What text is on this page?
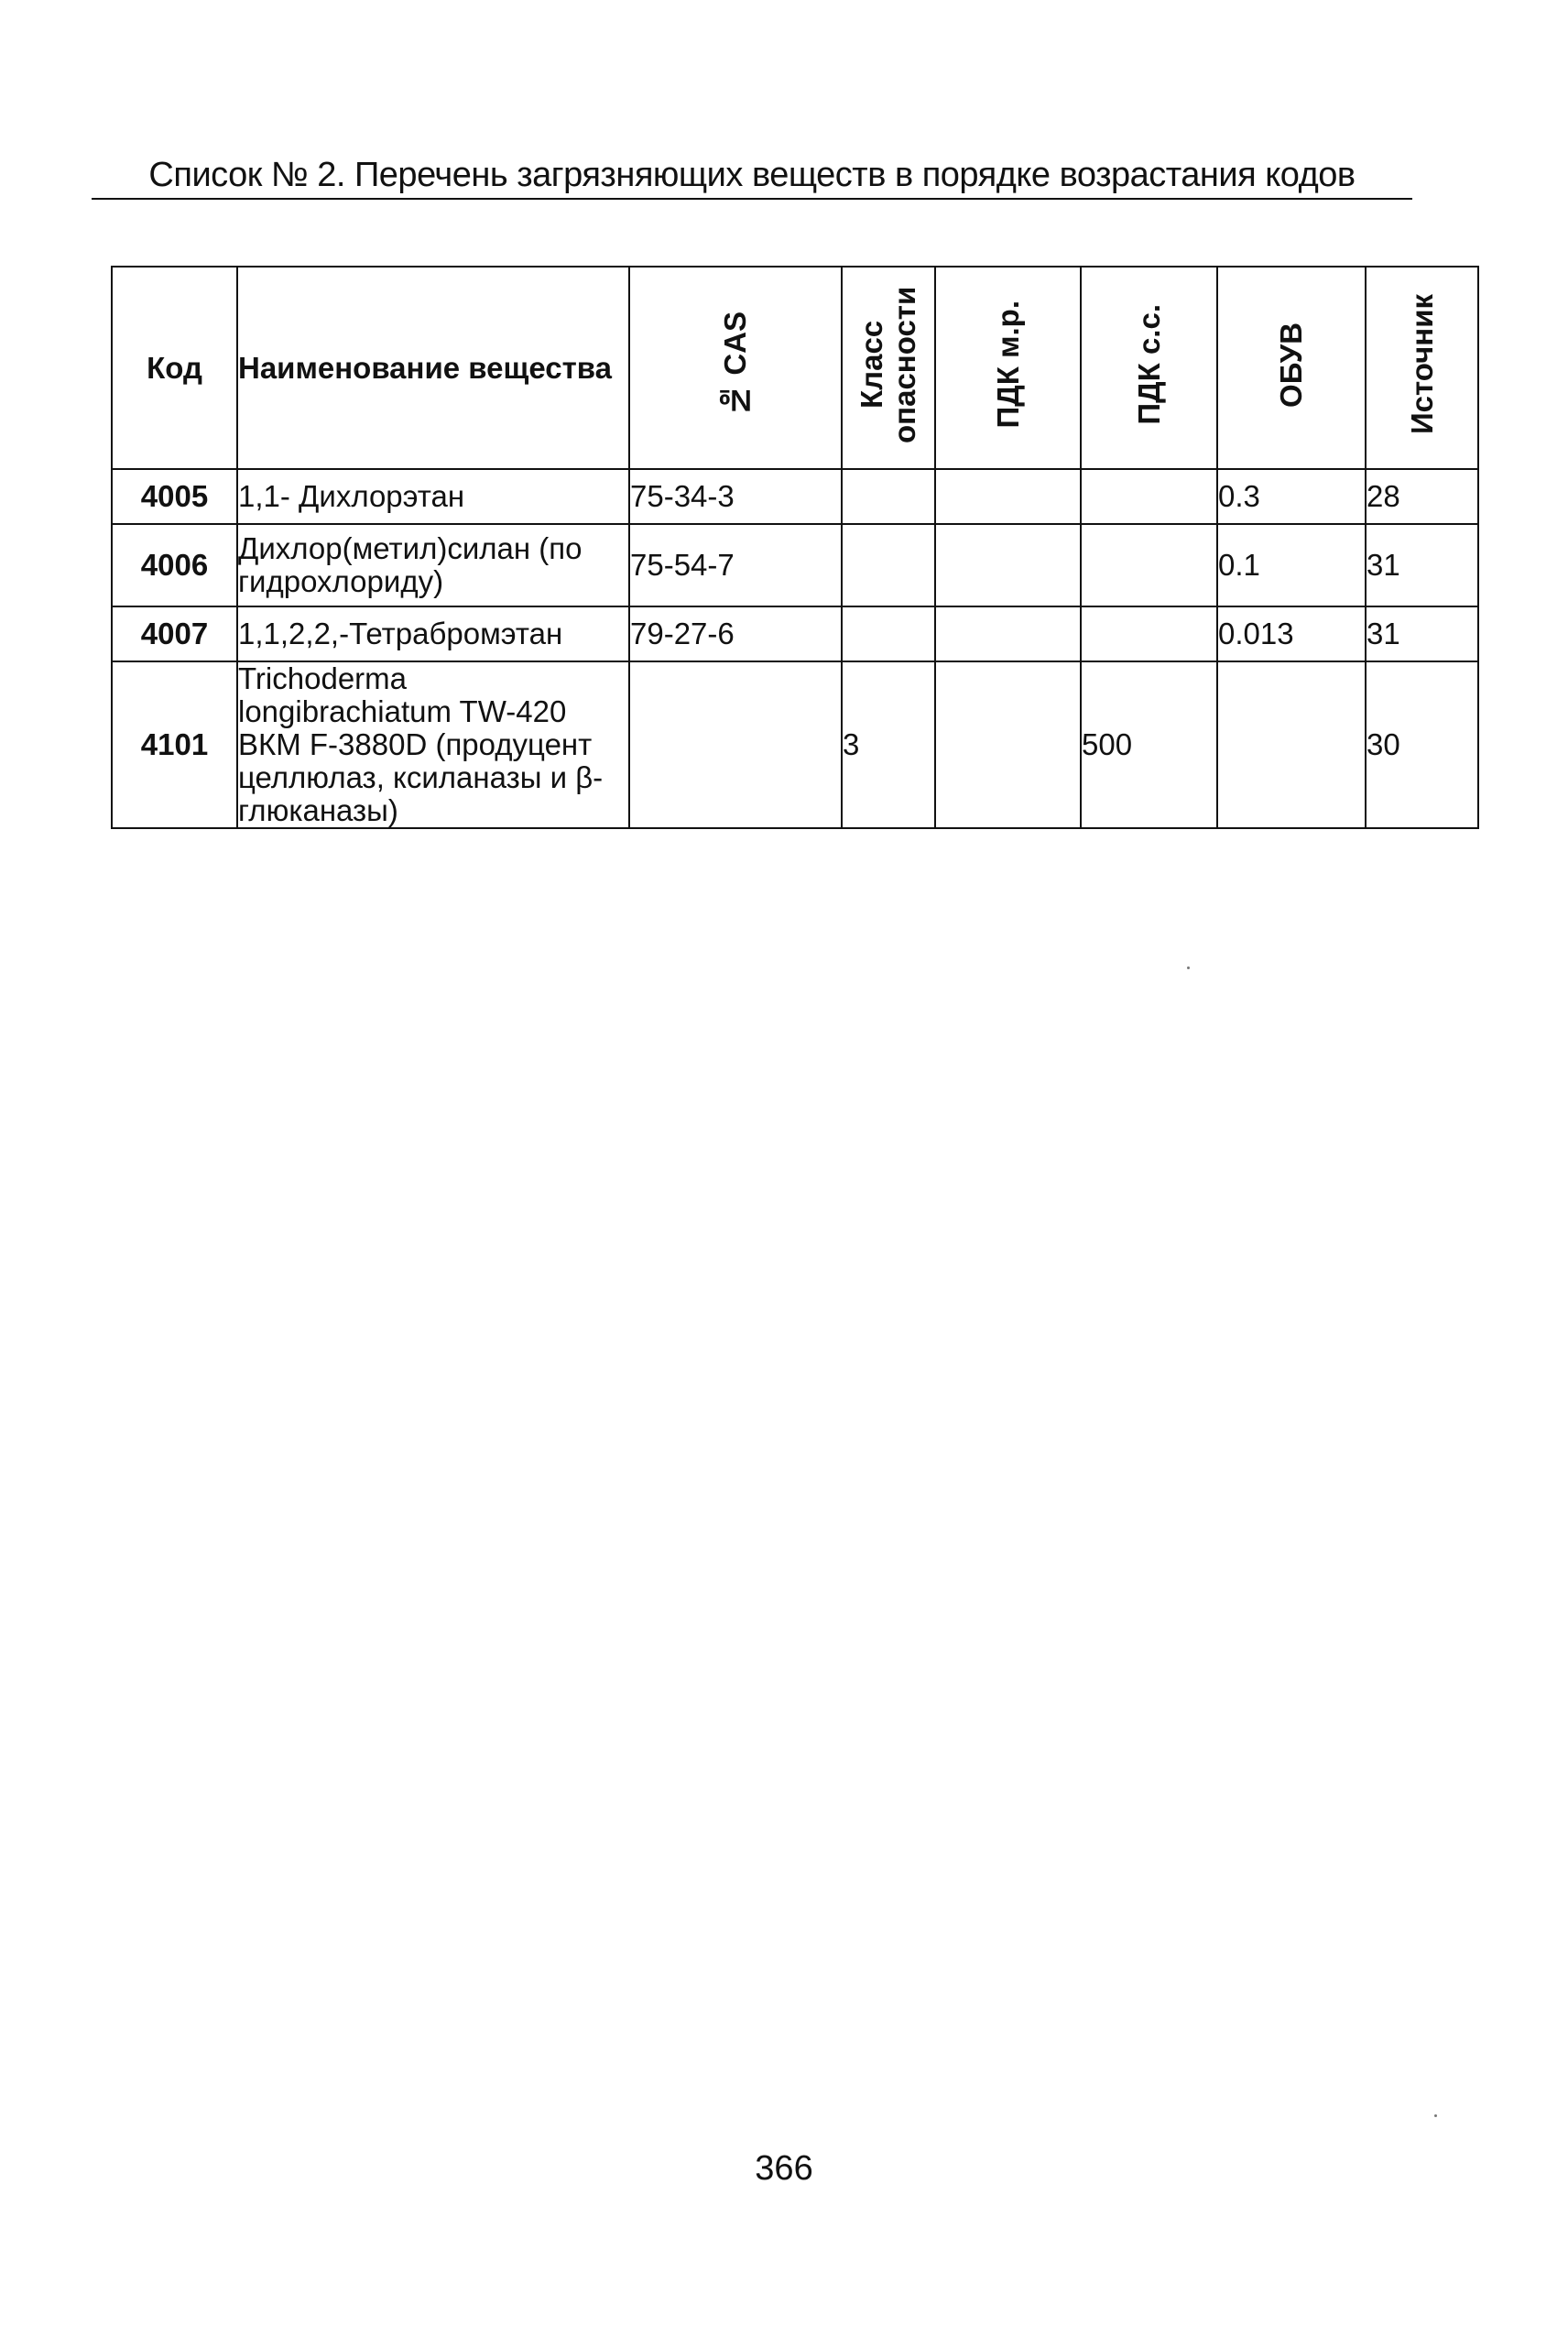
Список № 2. Перечень загрязняющих веществ в порядке возрастания кодов
Код	Наименование вещества	№ CAS	Класс опасности	ПДК м.р.	ПДК с.с.	ОБУВ	Источник
4005	1,1- Дихлорэтан	75-34-3				0.3	28
4006	Дихлор(метил)силан (по гидрохлориду)	75-54-7				0.1	31
4007	1,1,2,2,-Тетрабромэтан	79-27-6				0.013	31
4101	Trichoderma longibrachiatum TW-420 ВКМ F-3880D (продуцент целлюлаз, ксиланазы и β-глюканазы)		3		500		30
366
